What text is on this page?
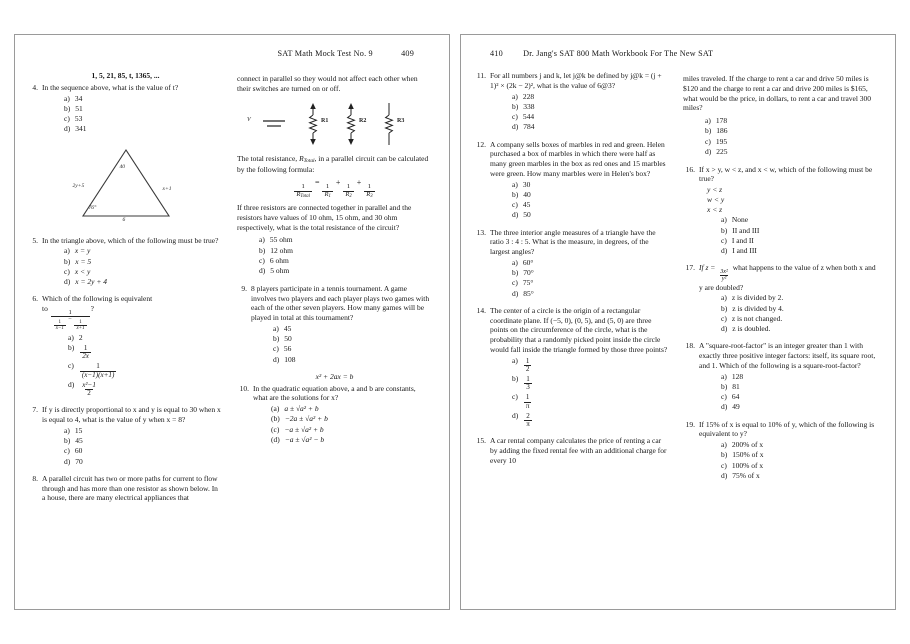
SAT Math Mock Test No. 9	409
1, 5, 21, 85, t, 1365, ...
4. In the sequence above, what is the value of t?
a) 34
b) 51
c) 53
d) 341
40
2y+5	x+1
76°
6
5. In the triangle above, which of the following must be true?
a) x = y
b) x = 5
c) x < y
d) x = 2y + 4
6. Which of the following is equivalent
to	1
$\frac{1}{x-1}$
−
$\frac{1}{x+1}$
?
a) 2
$b) \frac{1}{2x}$
$c) \frac{1}{(x-1)(x+1)}$
$d) \frac{\text{x²−1}}{2}$
7. If y is directly proportional to x and y is equal to 30 when x is equal to 4, what is the value of y when x = 8?
a) 15
b) 45
c) 60
d) 70
8. A parallel circuit has two or more paths for current to flow through and has more than one resistor as shown below. In a house, there are many electrical appliances that
connect in parallel so they would not affect each other when their switches are turned on or off.
V	R1	R2	R3
The total resistance, $R_{Total}$, in a parallel circuit can be calculated by the following formula:
$\frac{1}{R_{Total}}$
=
$\frac{1}{R_1}$
+
$\frac{1}{R_2}$
+
$\frac{1}{R_3}$
If three resistors are connected together in parallel and the resistors have values of 10 ohm, 15 ohm, and 30 ohm respectively, what is the total resistance of the circuit?
a) 55 ohm
b) 12 ohm
c) 6 ohm
d) 5 ohm
9. 8 players participate in a tennis tournament. A game involves two players and each player plays two games with each of the other seven players. How many games will be played in total at this tournament?
a) 45
b) 50
c) 56
d) 108
x² + 2ax = b
10. In the quadratic equation above, a and b are constants, what are the solutions for x?
(a) a ± √a² + b
(b) −2a ± √a² + b
(c) −a ± √a² + b
(d) −a ± √a² − b
410 Dr. Jang's SAT 800 Math Workbook For The New SAT
11. For all numbers j and k, let j@k be defined by j@k = (j + 1)² × (2k − 2)², what is the value of 6@3?
a) 228
b) 338
c) 544
d) 784
12. A company sells boxes of marbles in red and green. Helen purchased a box of marbles in which there were half as many green marbles in the box as red ones and 15 marbles were green. How many marbles were in Helen's box?
a) 30
b) 40
c) 45
d) 50
13. The three interior angle measures of a triangle have the ratio 3 : 4 : 5. What is the measure, in degrees, of the largest angles?
a) 60°
b) 70°
c) 75°
d) 85°
14. The center of a circle is the origin of a rectangular coordinate plane. If (−5, 0), (0, 5), and (5, 0) are three points on the circumference of the circle, what is the probability that a randomly picked point inside the circle would fall inside the triangle formed by those three points?
$a) \frac{1}{2}$
$b) \frac{1}{3}$
$c) \frac{1}{\pi}$
$d) \frac{2}{\pi}$
15. A car rental company calculates the price of renting a car by adding the fixed rental fee with an additional charge for every 10
miles traveled. If the charge to rent a car and drive 50 miles is $120 and the charge to rent a car and drive 200 miles is $165, what would be the price, in dollars, to rent a car and travel 300 miles?
a) 178
b) 186
c) 195
d) 225
16. If x > y, w < z, and x < w, which of the following must be true?
y < z
w < y
x < z
a) None
b) II and III
c) I and II
d) I and III
17. If z =
$\frac{\text{3x²}}{\text{y²}}$
what happens to the value of z when both x and y are doubled?
a) z is divided by 2.
b) z is divided by 4.
c) z is not changed.
d) z is doubled.
18. A "square-root-factor" is an integer greater than 1 with exactly three positive integer factors: itself, its square root, and 1. Which of the following is a square-root-factor?
a) 128
b) 81
c) 64
d) 49
19. If 15% of x is equal to 10% of y, which of the following is equivalent to y?
a) 200% of x
b) 150% of x
c) 100% of x
d) 75% of x
